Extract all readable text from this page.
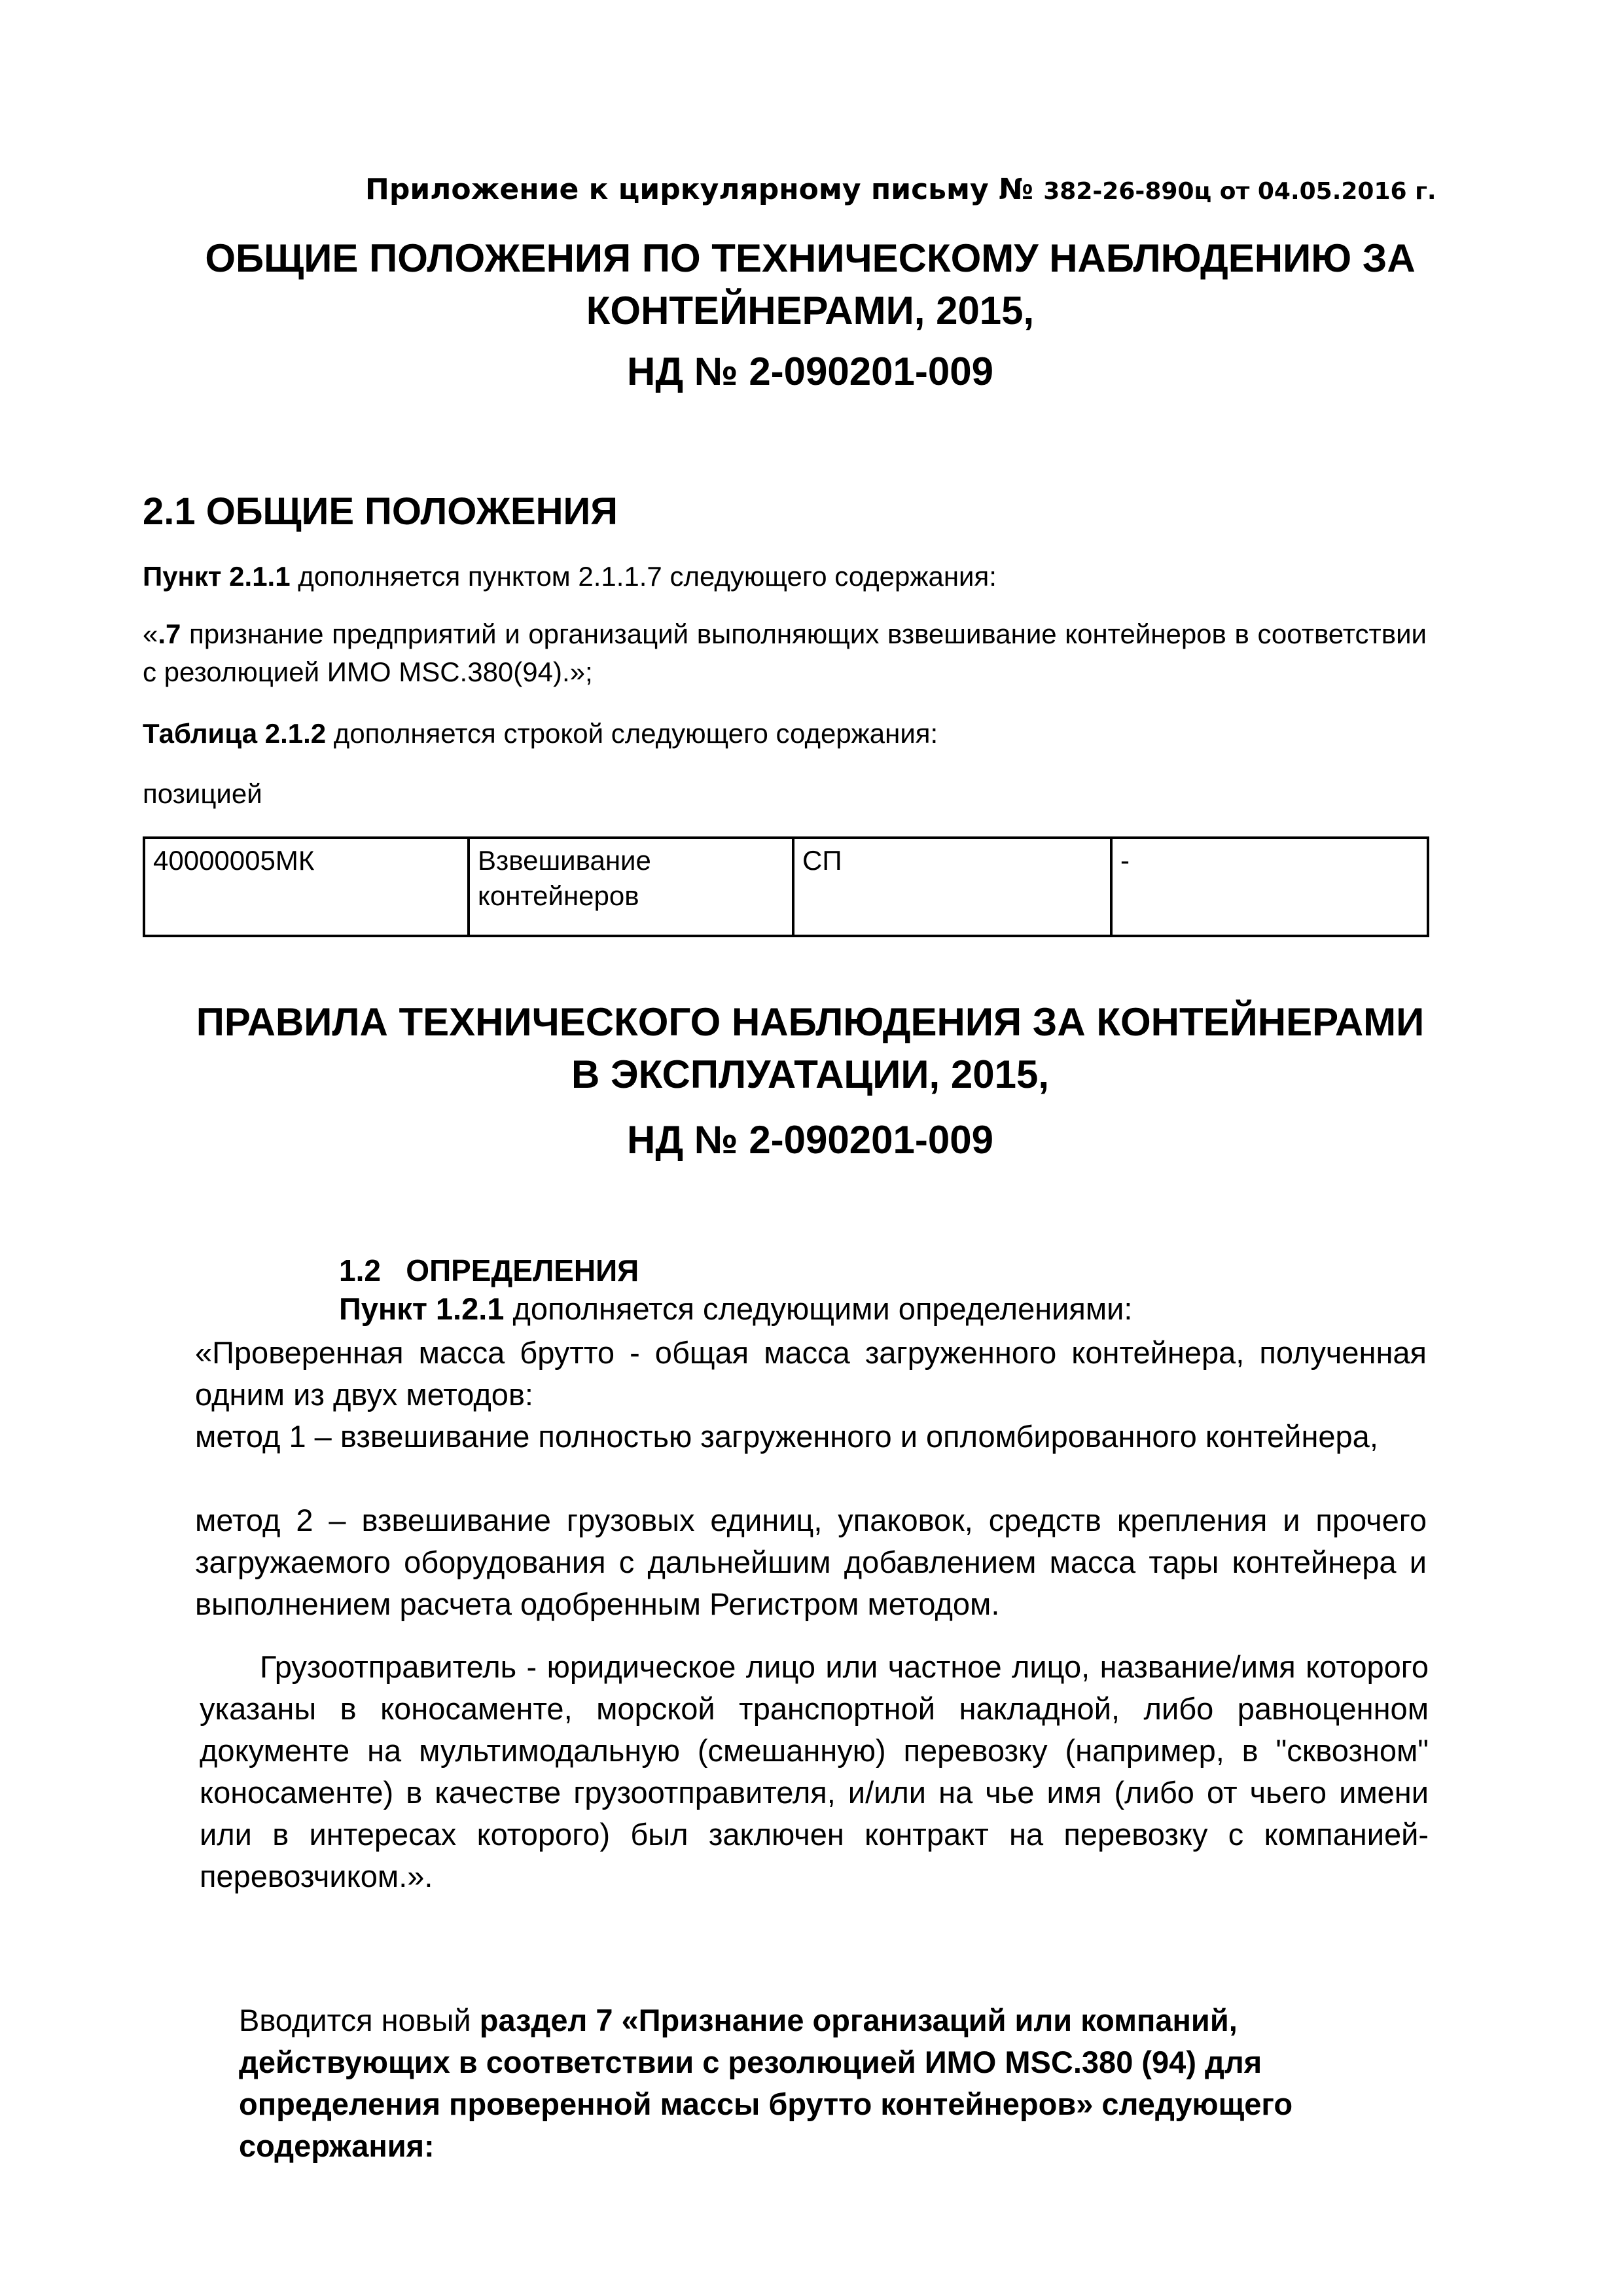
Приложение к циркулярному письму № 382-26-890ц от 04.05.2016 г.
ОБЩИЕ ПОЛОЖЕНИЯ ПО ТЕХНИЧЕСКОМУ НАБЛЮДЕНИЮ ЗА
КОНТЕЙНЕРАМИ, 2015,
НД № 2-090201-009
2.1 ОБЩИЕ ПОЛОЖЕНИЯ
Пункт 2.1.1 дополняется пунктом 2.1.1.7 следующего содержания:
«.7 признание предприятий и организаций выполняющих взвешивание контейнеров в соответствии с резолюцией ИМО MSC.380(94).»;
Таблица 2.1.2 дополняется строкой следующего содержания:
позицией
40000005МК	Взвешивание контейнеров	СП	-
ПРАВИЛА ТЕХНИЧЕСКОГО НАБЛЮДЕНИЯ ЗА КОНТЕЙНЕРАМИ
В ЭКСПЛУАТАЦИИ, 2015,
НД № 2-090201-009
1.2   ОПРЕДЕЛЕНИЯ
Пункт 1.2.1 дополняется следующими определениями:
«Проверенная масса брутто - общая масса загруженного контейнера, полученная одним из двух методов:
метод 1 – взвешивание полностью загруженного и опломбированного контейнера,
метод 2 – взвешивание грузовых единиц, упаковок, средств крепления и прочего загружаемого оборудования с дальнейшим добавлением масса тары контейнера и выполнением расчета одобренным Регистром методом.
Грузоотправитель - юридическое лицо или частное лицо, название/имя которого указаны в коносаменте, морской транспортной накладной, либо равноценном документе на мультимодальную (смешанную) перевозку (например, в "сквозном" коносаменте) в качестве грузоотправителя, и/или на чье имя (либо от чьего имени или в интересах которого) был заключен контракт на перевозку с компанией-перевозчиком.».
Вводится новый раздел 7 «Признание организаций или компаний, действующих в соответствии с резолюцией ИМО MSC.380 (94) для определения проверенной массы брутто контейнеров» следующего содержания:
